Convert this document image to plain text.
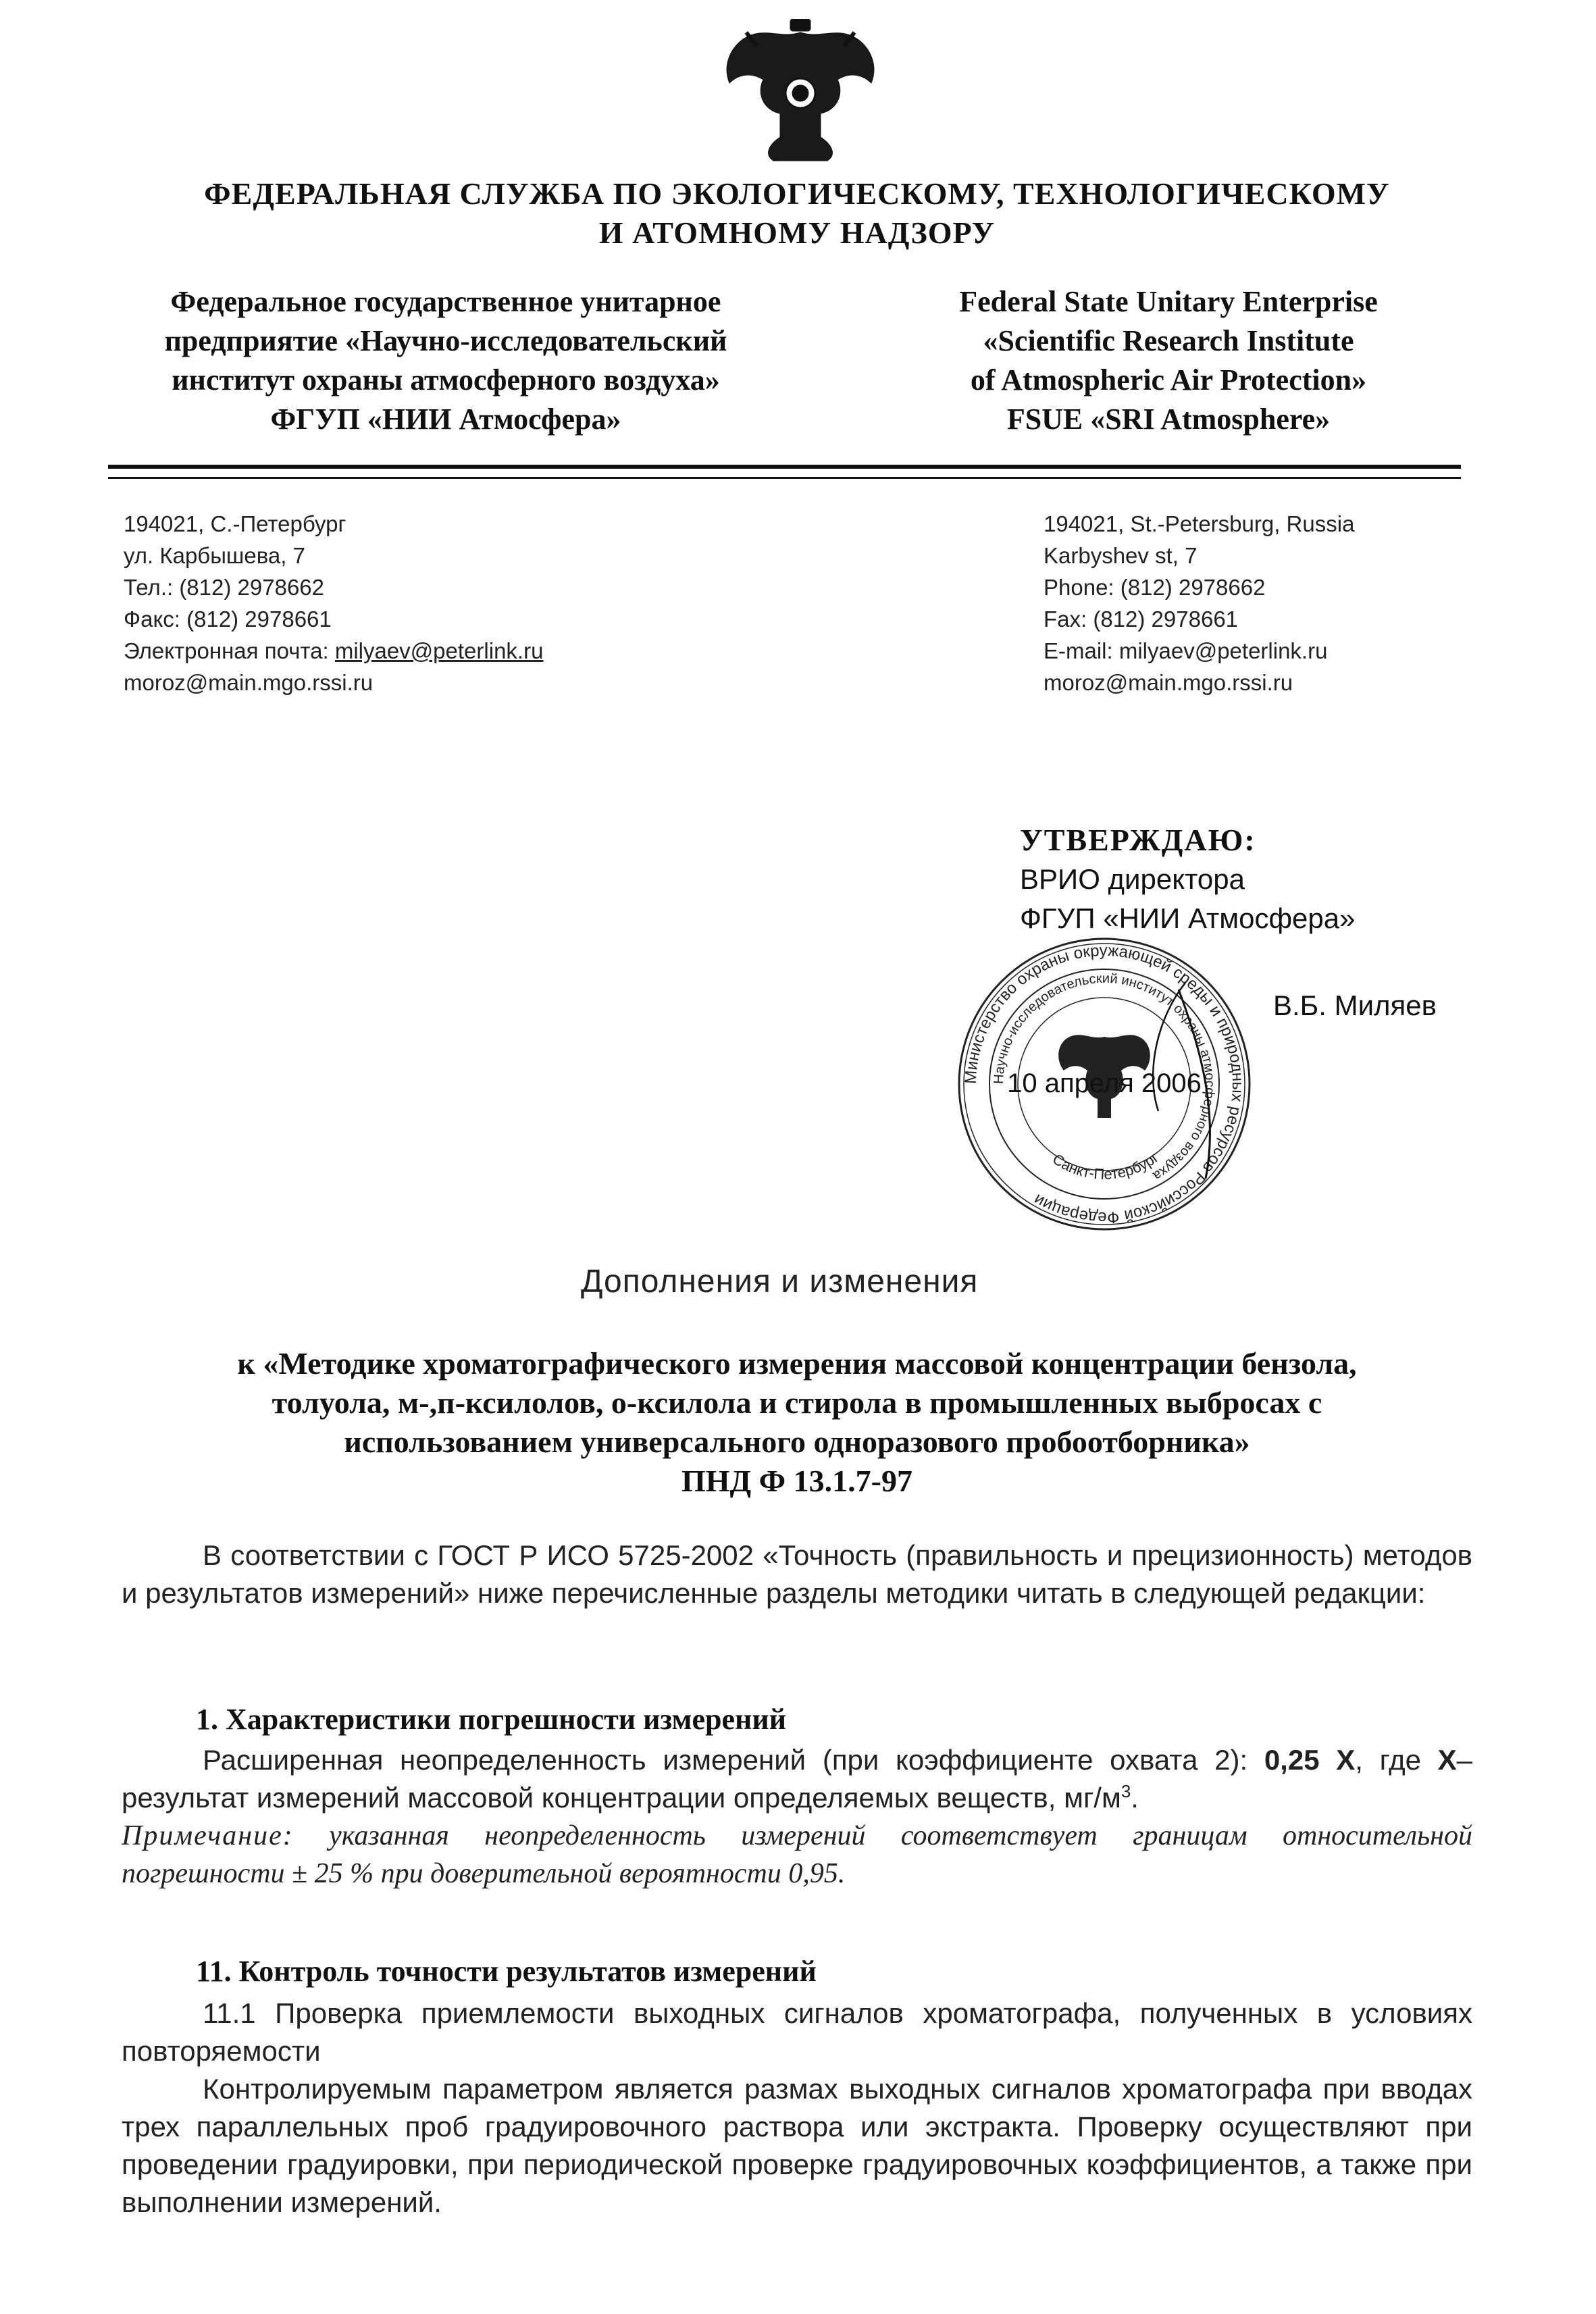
ФЕДЕРАЛЬНАЯ СЛУЖБА ПО ЭКОЛОГИЧЕСКОМУ, ТЕХНОЛОГИЧЕСКОМУ
И АТОМНОМУ НАДЗОРУ
Федеральное государственное унитарное
предприятие «Научно-исследовательский
институт охраны атмосферного воздуха»
ФГУП «НИИ Атмосфера»
Federal State Unitary Enterprise
«Scientific Research Institute
of Atmospheric Air Protection»
FSUE «SRI Atmosphere»
194021, С.-Петербург
ул. Карбышева, 7
Тел.: (812) 2978662
Факс: (812) 2978661
Электронная почта: milyaev@peterlink.ru
moroz@main.mgo.rssi.ru
194021, St.-Petersburg, Russia
Karbyshev st, 7
Phone: (812) 2978662
Fax: (812) 2978661
E-mail: milyaev@peterlink.ru
moroz@main.mgo.rssi.ru
УТВЕРЖДАЮ:
ВРИО директора
ФГУП «НИИ Атмосфера»
В.Б. Миляев
Министерство охраны окружающей среды и природных ресурсов Российской Федерации
Научно-исследовательский институт охраны атмосферного воздуха
Санкт-Петербург
10 апреля 2006
Дополнения и изменения
к «Методике хроматографического измерения массовой концентрации бензола,
толуола, м-,п-ксилолов, о-ксилола и стирола в промышленных выбросах с
использованием универсального одноразового пробоотборника»
ПНД Ф 13.1.7-97

В соответствии с ГОСТ Р ИСО 5725-2002 «Точность (правильность и прецизионность) методов и результатов измерений» ниже перечисленные разделы методики читать в следующей редакции:

1. Характеристики погрешности измерений

Расширенная неопределенность измерений (при коэффициенте охвата 2): 0,25 Х, где Х– результат измерений массовой концентрации определяемых веществ, $мг/м^3$.

Примечание: указанная неопределенность измерений соответствует границам относительной погрешности ± 25 % при доверительной вероятности 0,95.

11. Контроль точности результатов измерений

11.1 Проверка приемлемости выходных сигналов хроматографа, полученных в условиях повторяемости

Контролируемым параметром является размах выходных сигналов хроматографа при вводах трех параллельных проб градуировочного раствора или экстракта. Проверку осуществляют при проведении градуировки, при периодической проверке градуировочных коэффициентов, а также при выполнении измерений.
